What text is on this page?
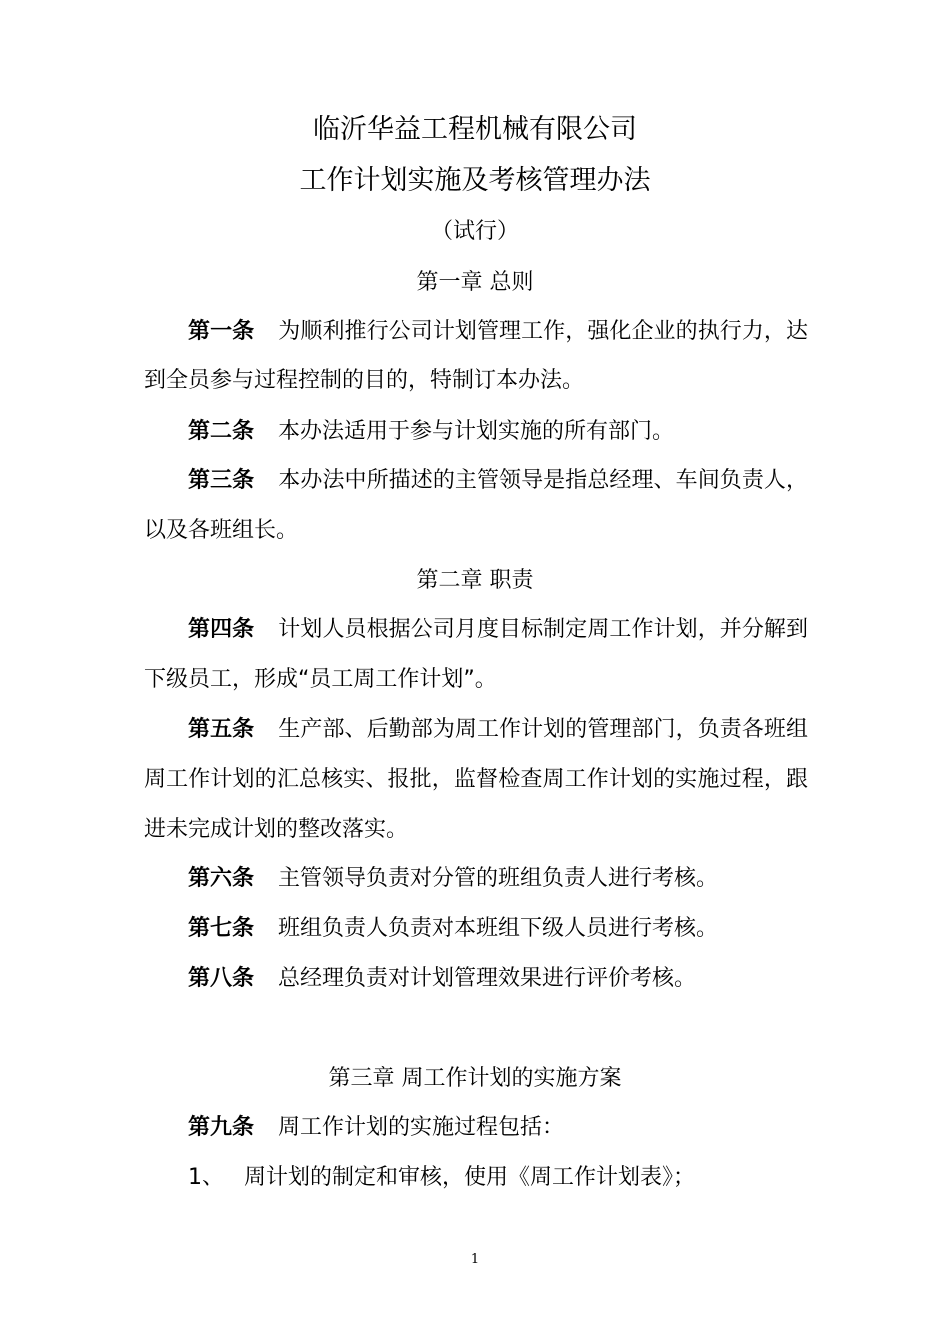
临沂华益工程机械有限公司
工作计划实施及考核管理办法
（试行）
第一章 总则
第一条 为顺利推行公司计划管理工作，强化企业的执行力，达
到全员参与过程控制的目的，特制订本办法。
第二条 本办法适用于参与计划实施的所有部门。
第三条 本办法中所描述的主管领导是指总经理、车间负责人，
以及各班组长。
第二章 职责
第四条 计划人员根据公司月度目标制定周工作计划，并分解到
下级员工，形成“员工周工作计划”。
第五条 生产部、后勤部为周工作计划的管理部门，负责各班组
周工作计划的汇总核实、报批，监督检查周工作计划的实施过程，跟
进未完成计划的整改落实。
第六条 主管领导负责对分管的班组负责人进行考核。
第七条 班组负责人负责对本班组下级人员进行考核。
第八条 总经理负责对计划管理效果进行评价考核。
第三章 周工作计划的实施方案
第九条 周工作计划的实施过程包括：
1、 周计划的制定和审核，使用《周工作计划表》；
1
